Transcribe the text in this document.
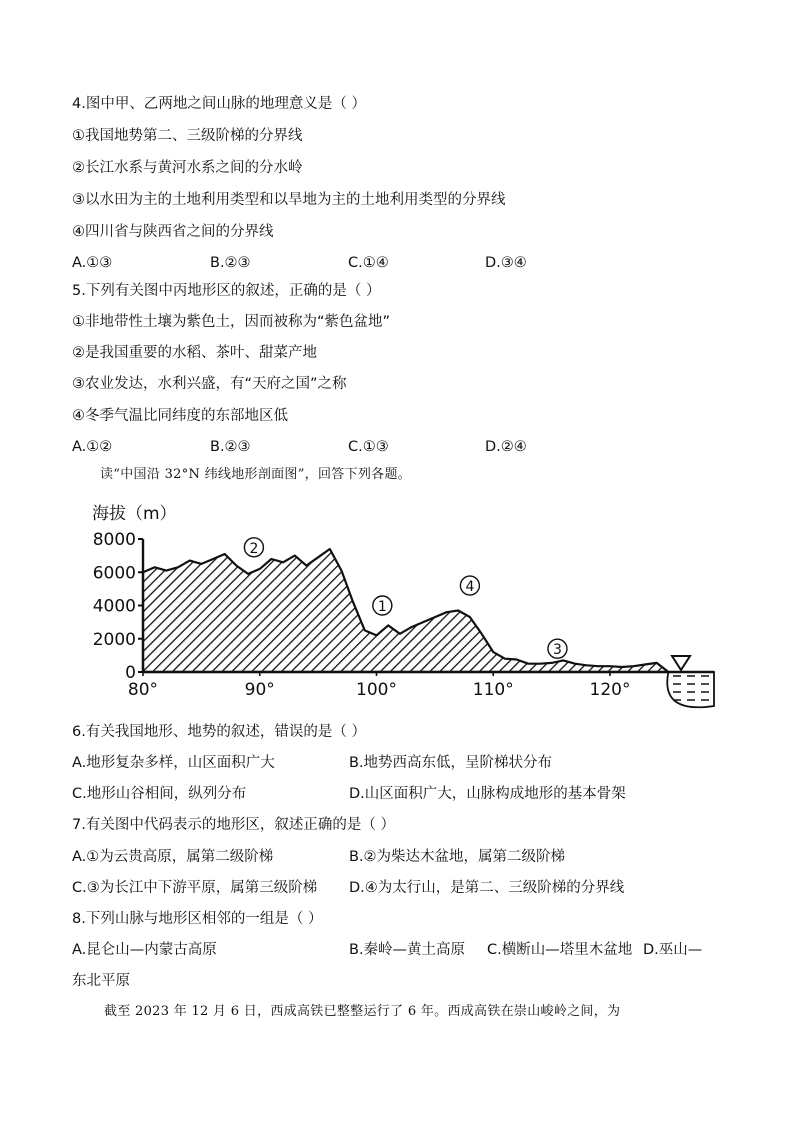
4.图中甲、乙两地之间山脉的地理意义是（ ）
①我国地势第二、三级阶梯的分界线
②长江水系与黄河水系之间的分水岭
③以水田为主的土地利用类型和以旱地为主的土地利用类型的分界线
④四川省与陕西省之间的分界线
A.①③	B.②③	C.①④	D.③④
5.下列有关图中丙地形区的叙述，正确的是（ ）
①非地带性土壤为紫色土，因而被称为“紫色盆地”
②是我国重要的水稻、茶叶、甜菜产地
③农业发达，水利兴盛，有“天府之国”之称
④冬季气温比同纬度的东部地区低
A.①②	B.②③	C.①③	D.②④
读“中国沿 32°N 纬线地形剖面图”，回答下列各题。
8000
6000
4000
2000
0
80°	90°	100°	110°	120°
1
2
3
4
海拔（m）
6.有关我国地形、地势的叙述，错误的是（ ）
A.地形复杂多样，山区面积广大	B.地势西高东低，呈阶梯状分布
C.地形山谷相间，纵列分布	D.山区面积广大，山脉构成地形的基本骨架
7.有关图中代码表示的地形区，叙述正确的是（ ）
A.①为云贵高原，属第二级阶梯	B.②为柴达木盆地，属第二级阶梯
C.③为长江中下游平原，属第三级阶梯 D.④为太行山，是第二、三级阶梯的分界线
8.下列山脉与地形区相邻的一组是（ ）
A.昆仑山—内蒙古高原	B.秦岭—黄土高原 C.横断山—塔里木盆地 D.巫山—
东北平原
截至 2023 年 12 月 6 日，西成高铁已整整运行了 6 年。西成高铁在崇山峻岭之间，为
